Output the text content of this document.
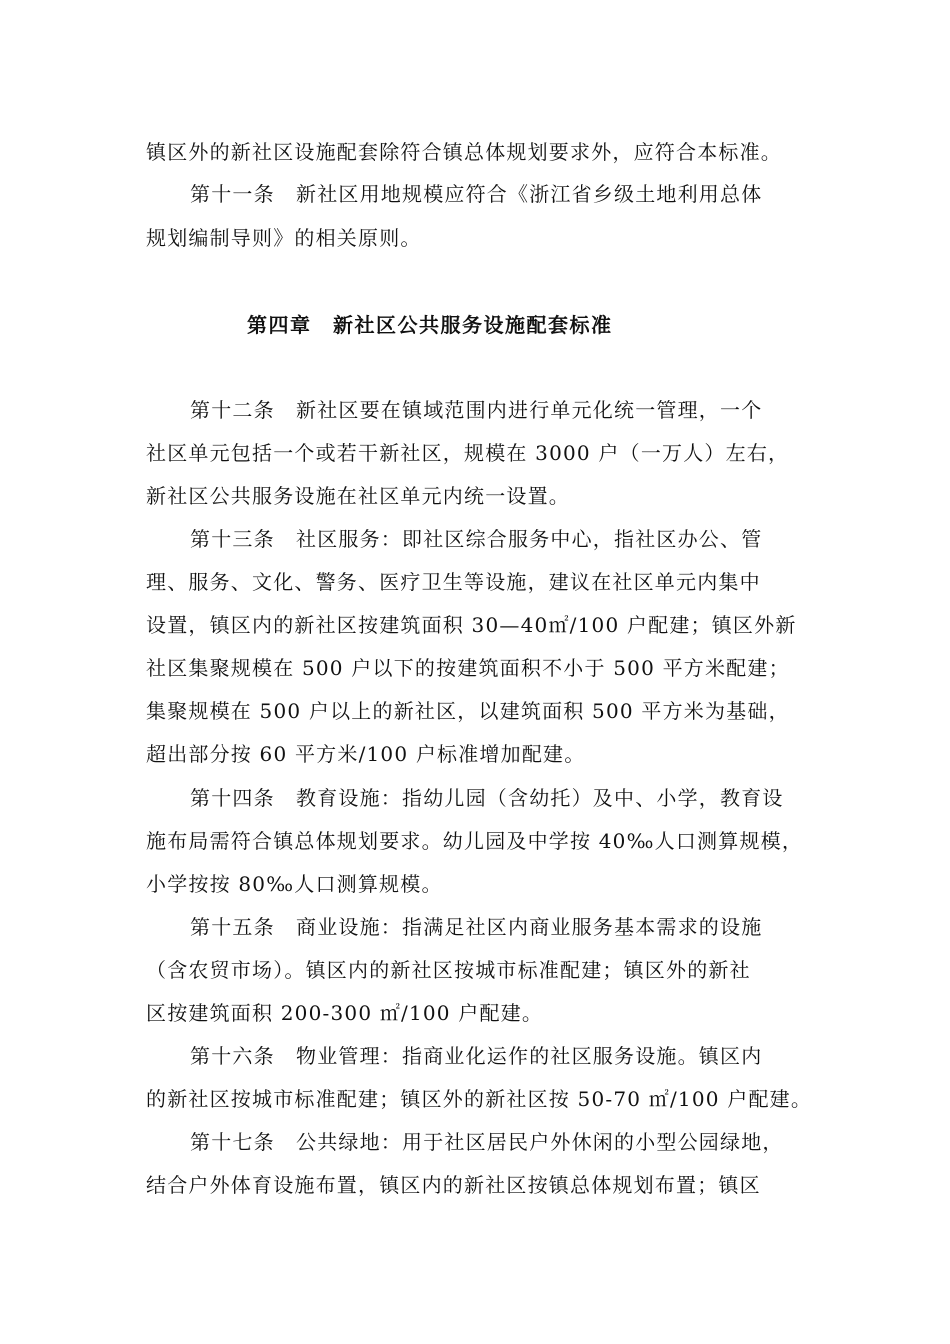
镇区外的新社区设施配套除符合镇总体规划要求外，应符合本标准。
第十一条　新社区用地规模应符合《浙江省乡级土地利用总体
规划编制导则》的相关原则。
第四章　新社区公共服务设施配套标准
第十二条　新社区要在镇域范围内进行单元化统一管理，一个
社区单元包括一个或若干新社区，规模在 3000 户（一万人）左右，
新社区公共服务设施在社区单元内统一设置。
第十三条　社区服务：即社区综合服务中心，指社区办公、管
理、服务、文化、警务、医疗卫生等设施，建议在社区单元内集中
设置，镇区内的新社区按建筑面积 30—40㎡/100 户配建；镇区外新
社区集聚规模在 500 户以下的按建筑面积不小于 500 平方米配建；
集聚规模在 500 户以上的新社区，以建筑面积 500 平方米为基础，
超出部分按 60 平方米/100 户标准增加配建。
第十四条　教育设施：指幼儿园（含幼托）及中、小学，教育设
施布局需符合镇总体规划要求。幼儿园及中学按 40‰人口测算规模，
小学按按 80‰人口测算规模。
第十五条　商业设施：指满足社区内商业服务基本需求的设施
（含农贸市场）。镇区内的新社区按城市标准配建；镇区外的新社
区按建筑面积 200-300 ㎡/100 户配建。
第十六条　物业管理：指商业化运作的社区服务设施。镇区内
的新社区按城市标准配建；镇区外的新社区按 50-70 ㎡/100 户配建。
第十七条　公共绿地：用于社区居民户外休闲的小型公园绿地，
结合户外体育设施布置，镇区内的新社区按镇总体规划布置；镇区
